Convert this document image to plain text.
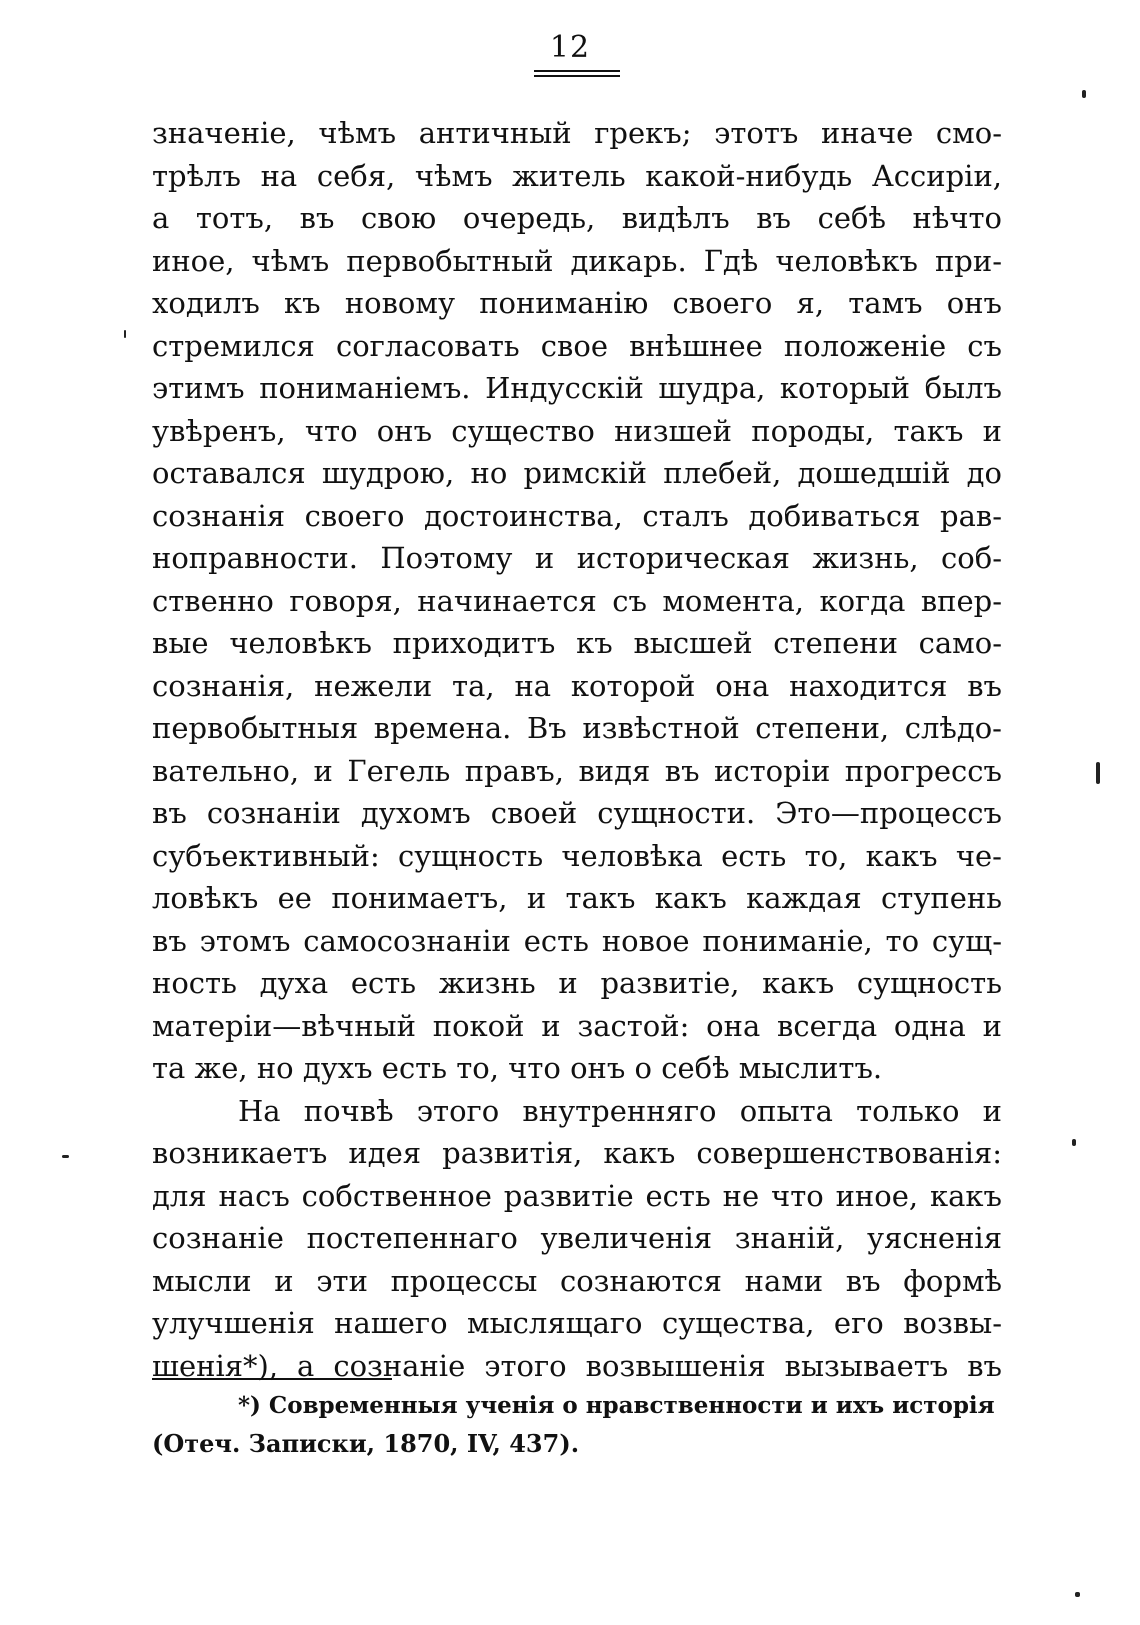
12
значеніе, чѣмъ античный грекъ; этотъ иначе смо-
трѣлъ на себя, чѣмъ житель какой-нибудь Ассиріи,
а тотъ, въ свою очередь, видѣлъ въ себѣ нѣчто
иное, чѣмъ первобытный дикарь. Гдѣ человѣкъ при-
ходилъ къ новому пониманію своего я, тамъ онъ
стремился согласовать свое внѣшнее положеніе съ
этимъ пониманіемъ. Индусскій шудра, который былъ
увѣренъ, что онъ существо низшей породы, такъ и
оставался шудрою, но римскій плебей, дошедшій до
сознанія своего достоинства, сталъ добиваться рав-
ноправности. Поэтому и историческая жизнь, соб-
ственно говоря, начинается съ момента, когда впер-
вые человѣкъ приходитъ къ высшей степени само-
сознанія, нежели та, на которой она находится въ
первобытныя времена. Въ извѣстной степени, слѣдо-
вательно, и Гегель правъ, видя въ исторіи прогрессъ
въ сознаніи духомъ своей сущности. Это—процессъ
субъективный: сущность человѣка есть то, какъ че-
ловѣкъ ее понимаетъ, и такъ какъ каждая ступень
въ этомъ самосознаніи есть новое пониманіе, то сущ-
ность духа есть жизнь и развитіе, какъ сущность
матеріи—вѣчный покой и застой: она всегда одна и
та же, но духъ есть то, что онъ о себѣ мыслитъ.
На почвѣ этого внутренняго опыта только и
возникаетъ идея развитія, какъ совершенствованія:
для насъ собственное развитіе есть не что иное, какъ
сознаніе постепеннаго увеличенія знаній, уясненія
мысли и эти процессы сознаются нами въ формѣ
улучшенія нашего мыслящаго существа, его возвы-
шенія*), а сознаніе этого возвышенія вызываетъ въ
*) Современныя ученія о нравственности и ихъ исторія
(Отеч. Записки, 1870, IV, 437).
